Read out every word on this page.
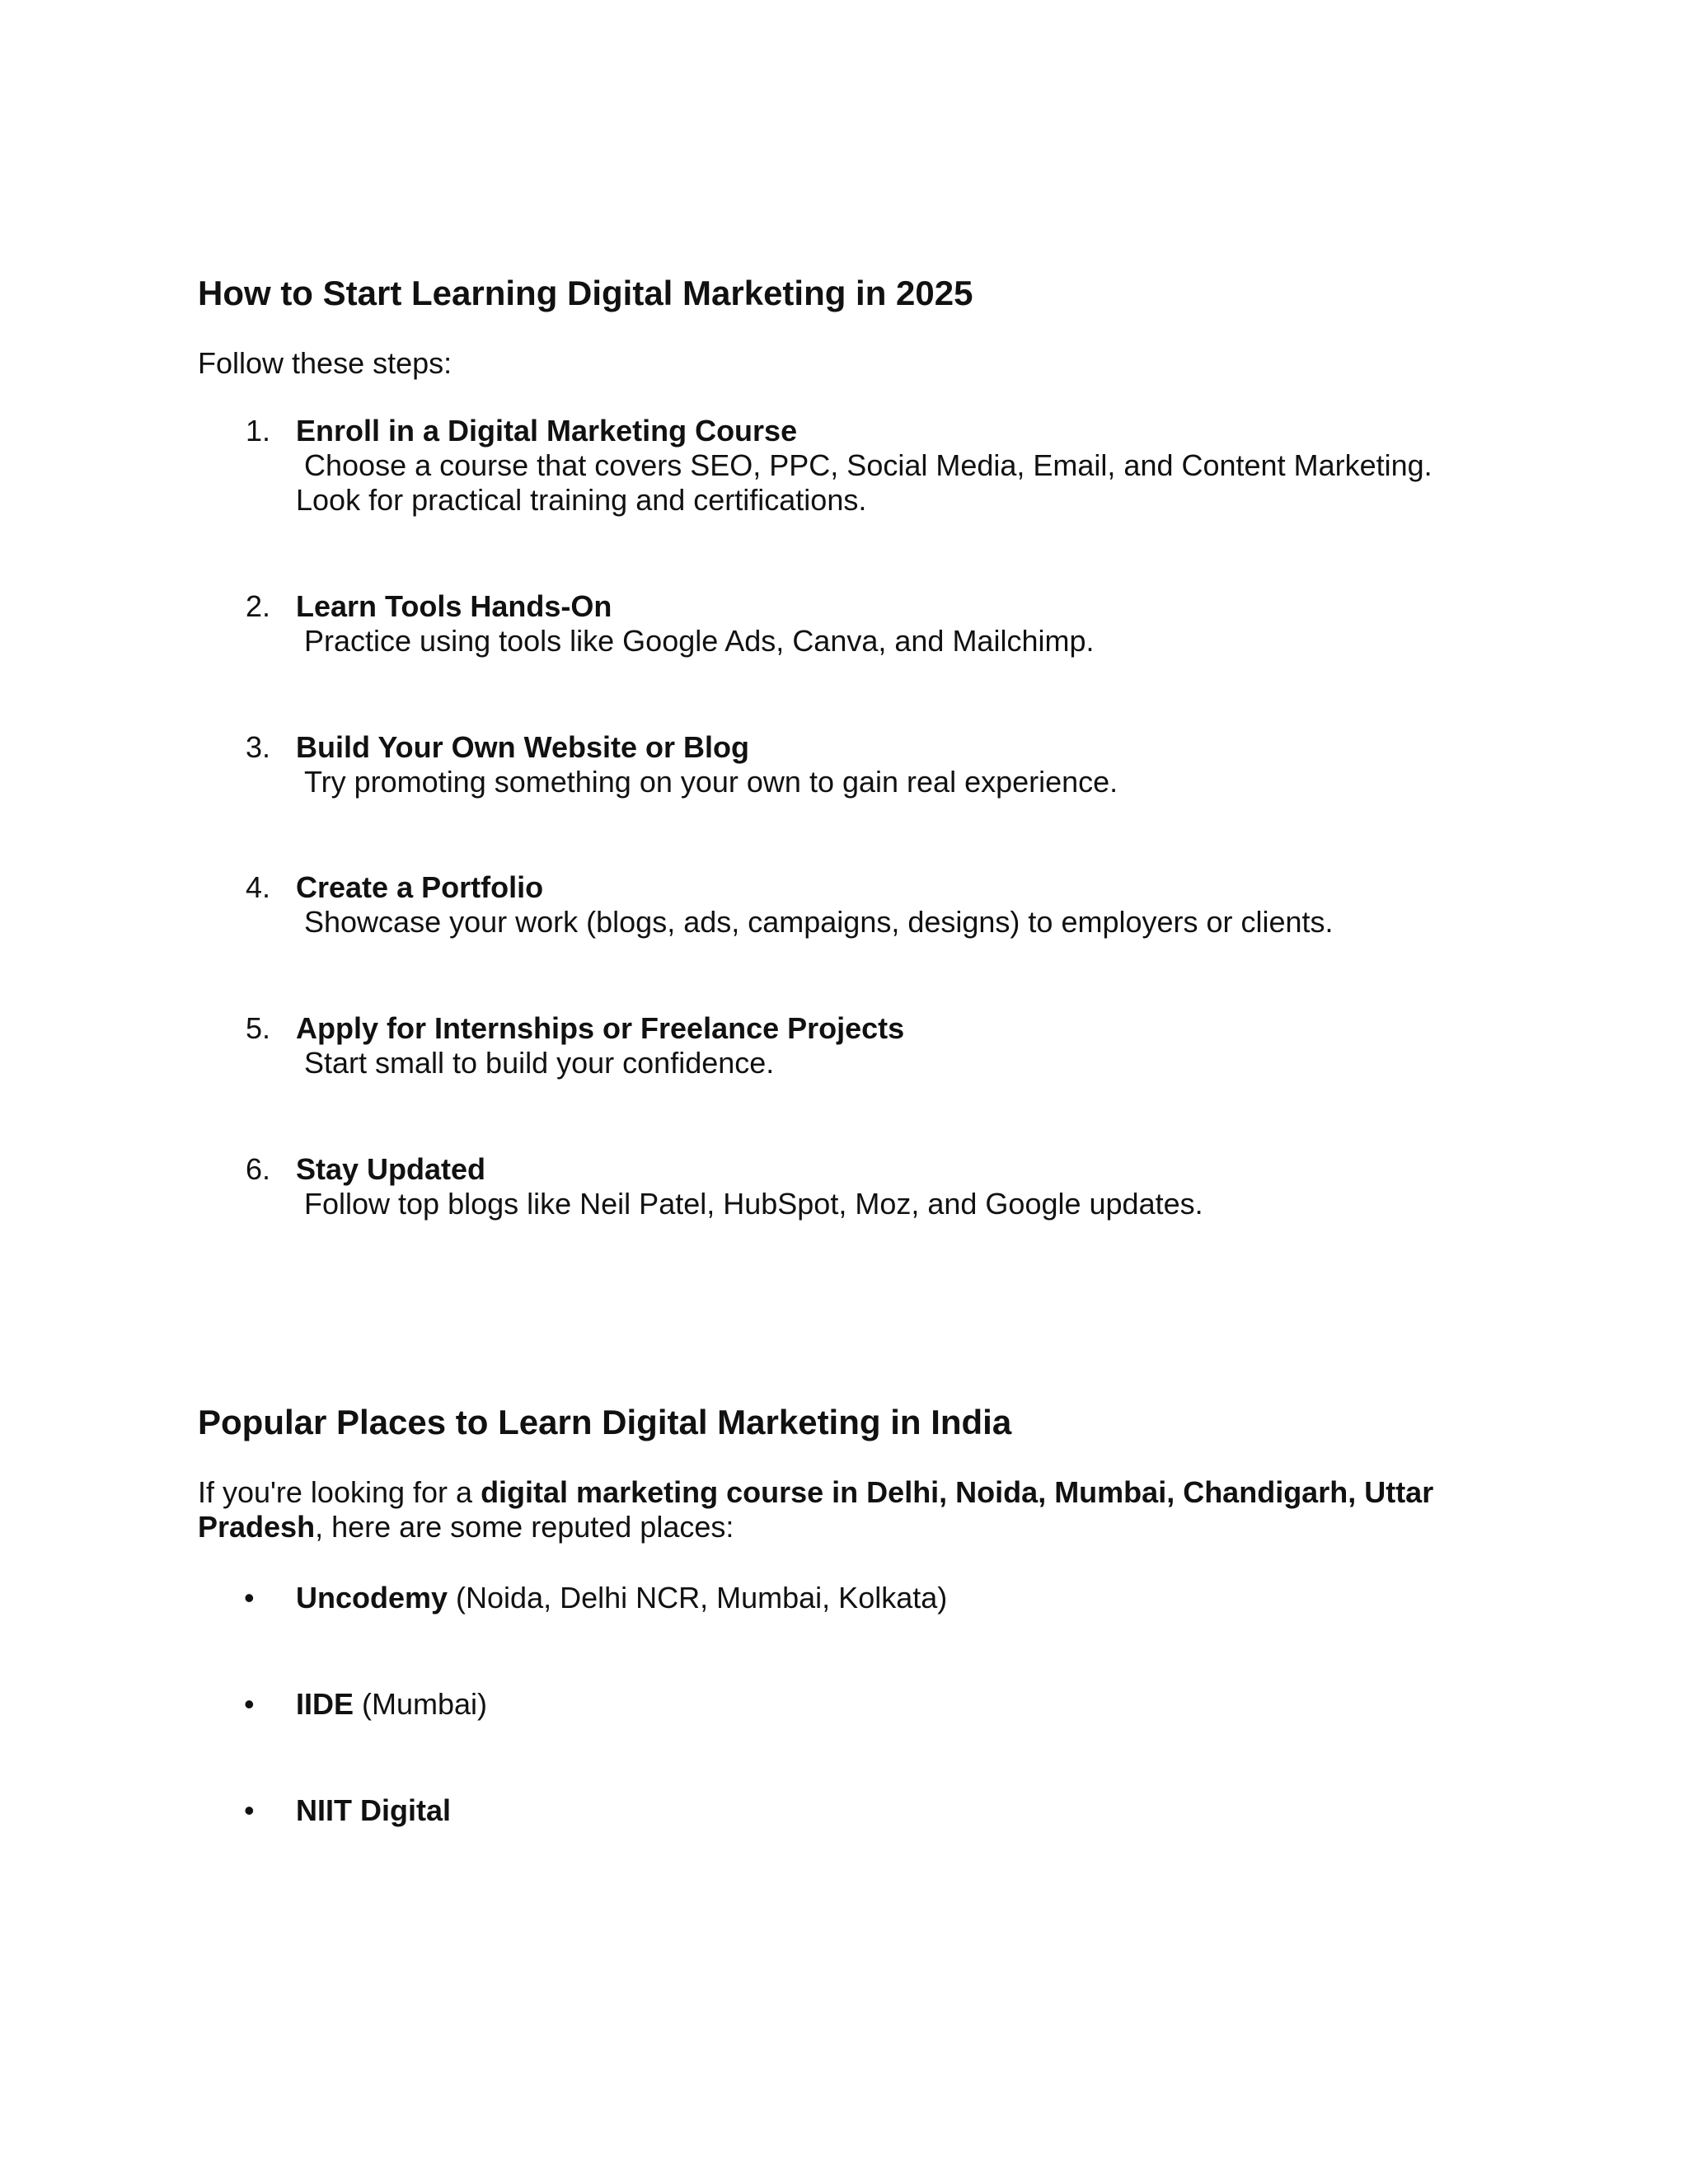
How to Start Learning Digital Marketing in 2025

Follow these steps:

1. Enroll in a Digital Marketing Course
Choose a course that covers SEO, PPC, Social Media, Email, and Content Marketing. Look for practical training and certifications.
2. Learn Tools Hands-On
Practice using tools like Google Ads, Canva, and Mailchimp.
3. Build Your Own Website or Blog
Try promoting something on your own to gain real experience.
4. Create a Portfolio
Showcase your work (blogs, ads, campaigns, designs) to employers or clients.
5. Apply for Internships or Freelance Projects
Start small to build your confidence.
6. Stay Updated
Follow top blogs like Neil Patel, HubSpot, Moz, and Google updates.
Popular Places to Learn Digital Marketing in India

If you're looking for a digital marketing course in Delhi, Noida, Mumbai, Chandigarh, Uttar Pradesh, here are some reputed places:

• Uncodemy (Noida, Delhi NCR, Mumbai, Kolkata)
• IIDE (Mumbai)
• NIIT Digital
